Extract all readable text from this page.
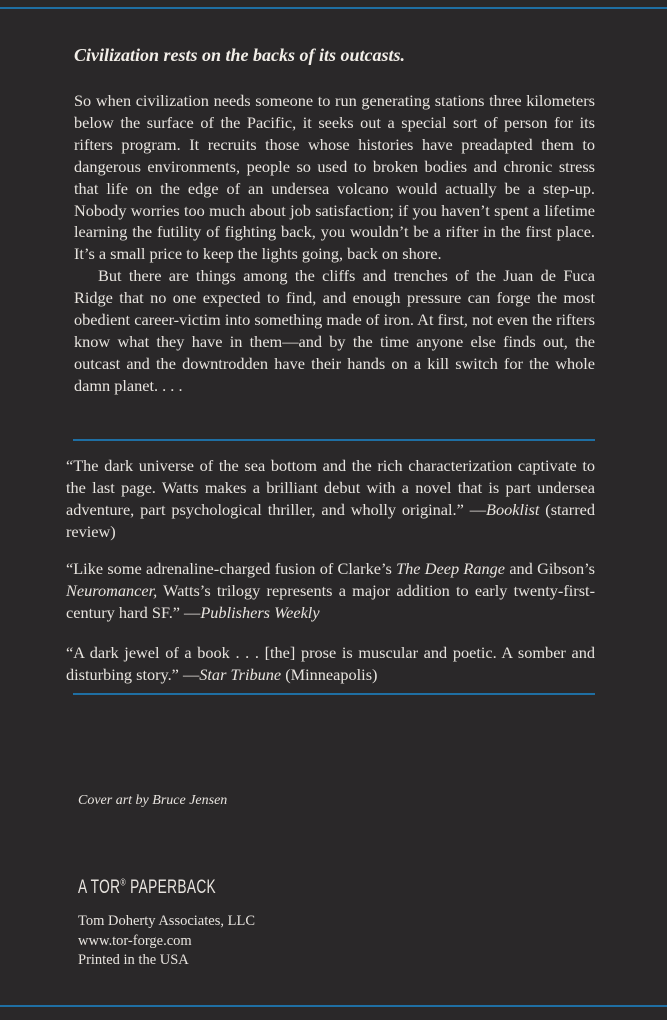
Civilization rests on the backs of its outcasts.

So when civilization needs someone to run generating stations three kilometers below the surface of the Pacific, it seeks out a special sort of person for its rifters program. It recruits those whose histories have preadapted them to dangerous environments, people so used to broken bodies and chronic stress that life on the edge of an undersea volcano would actually be a step-up. Nobody worries too much about job satisfaction; if you haven’t spent a lifetime learning the futility of fighting back, you wouldn’t be a rifter in the first place. It’s a small price to keep the lights going, back on shore.

But there are things among the cliffs and trenches of the Juan de Fuca Ridge that no one expected to find, and enough pressure can forge the most obedient career-victim into something made of iron. At first, not even the rifters know what they have in them—and by the time anyone else finds out, the outcast and the downtrodden have their hands on a kill switch for the whole damn planet. . . .

“The dark universe of the sea bottom and the rich characterization captivate to the last page. Watts makes a brilliant debut with a novel that is part undersea adventure, part psychological thriller, and wholly original.” —Booklist (starred review)

“Like some adrenaline-charged fusion of Clarke’s The Deep Range and Gibson’s Neuromancer, Watts’s trilogy represents a major addition to early twenty-first-century hard SF.” —Publishers Weekly

“A dark jewel of a book . . . [the] prose is muscular and poetic. A somber and disturbing story.” —Star Tribune (Minneapolis)

Cover art by Bruce Jensen

A TOR® PAPERBACK

Tom Doherty Associates, LLC
www.tor-forge.com
Printed in the USA
